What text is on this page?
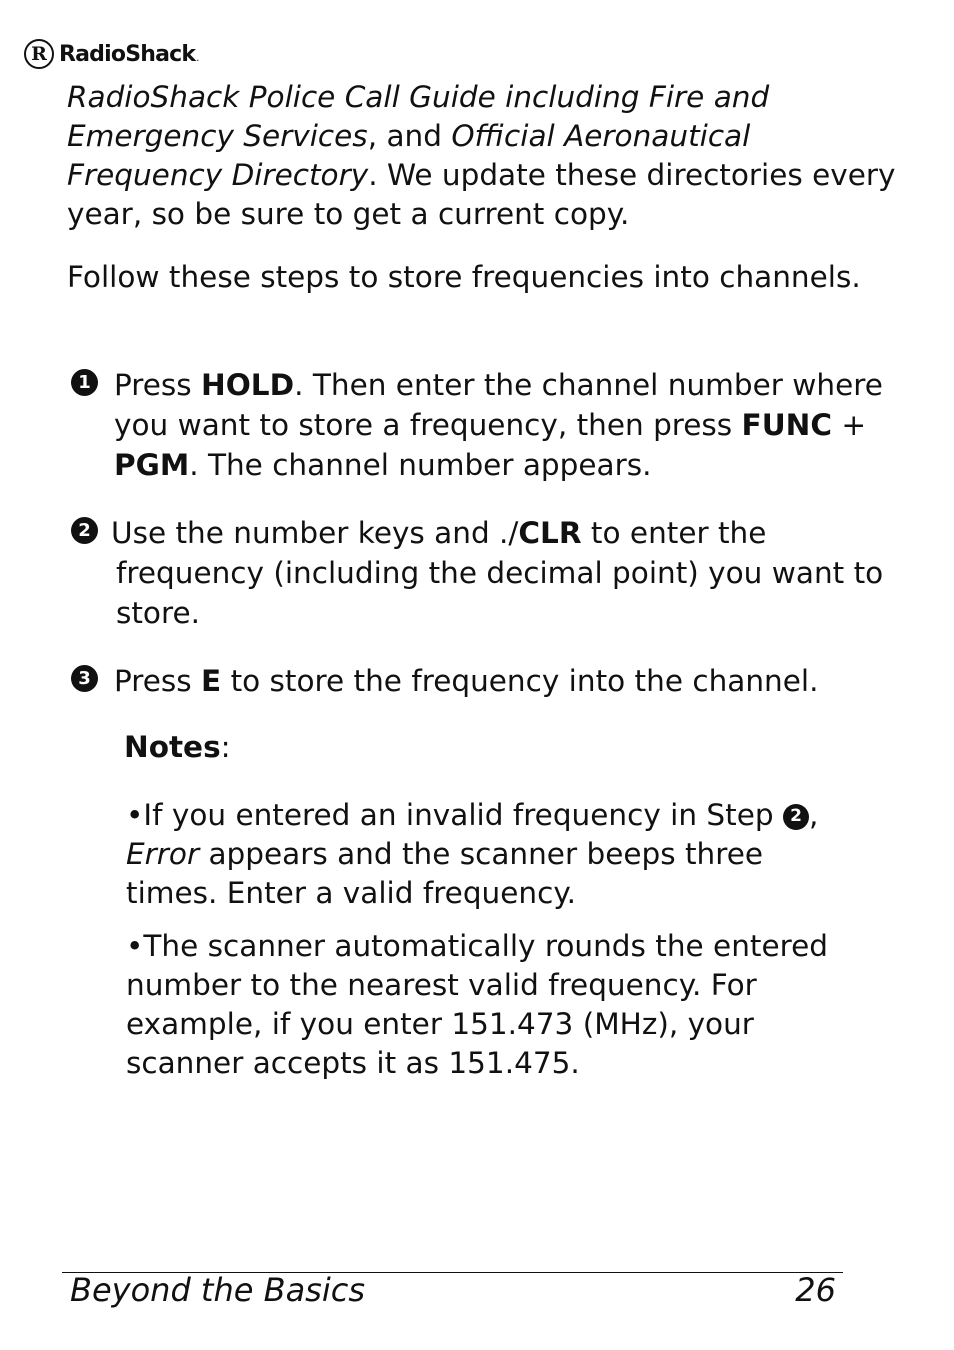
R RadioShack.

RadioShack Police Call Guide including Fire and Emergency Services, and Official Aeronautical Frequency Directory. We update these directories every year, so be sure to get a current copy.

Follow these steps to store frequencies into channels.

1 Press HOLD. Then enter the channel number where you want to store a frequency, then press FUNC + PGM. The channel number appears.
2 Use the number keys and ./CLR to enter the
frequency (including the decimal point) you want to store.
3 Press E to store the frequency into the channel.
Notes:

•If you entered an invalid frequency in Step 2 ,
Error appears and the scanner beeps three times. Enter a valid frequency.

•The scanner automatically rounds the entered number to the nearest valid frequency. For example, if you enter 151.473 (MHz), your scanner accepts it as 151.475.

Beyond the Basics	26
